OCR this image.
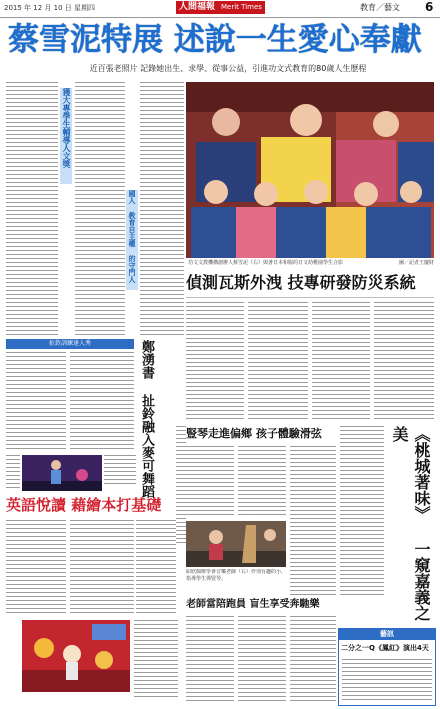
2015 年 12 月 10 日 星期四	人間福報 Merit Times	教育／藝文 6
蔡雪泥特展 述說一生愛心奉獻
近百張老照片 記錄她出生、求學、從事公益，引進功文式教育的80歲人生歷程
獲大專學生輔導人文獎
國人 教育自主權 的守門人	功文文教機構創辦人蔡雪泥（右）與著日本和服的日文幼稚園學生合影	圖／記者王慶財
偵測瓦斯外洩 技專研發防災系統
扯鈴訓練達人秀	鄭湧書 扯鈴融入麥可舞蹈
英語悅讀 藉繪本打基礎
豎琴走進偏鄉 孩子體驗滑弦
紹欣醫療學會音樂老師（右）作別有趣的小，指導學生彈豎琴。
老師當陪跑員 盲生享受奔馳樂	《桃城著味》 一窺嘉義之美
藝訊
二分之一Q《鳳紅》演出4天
